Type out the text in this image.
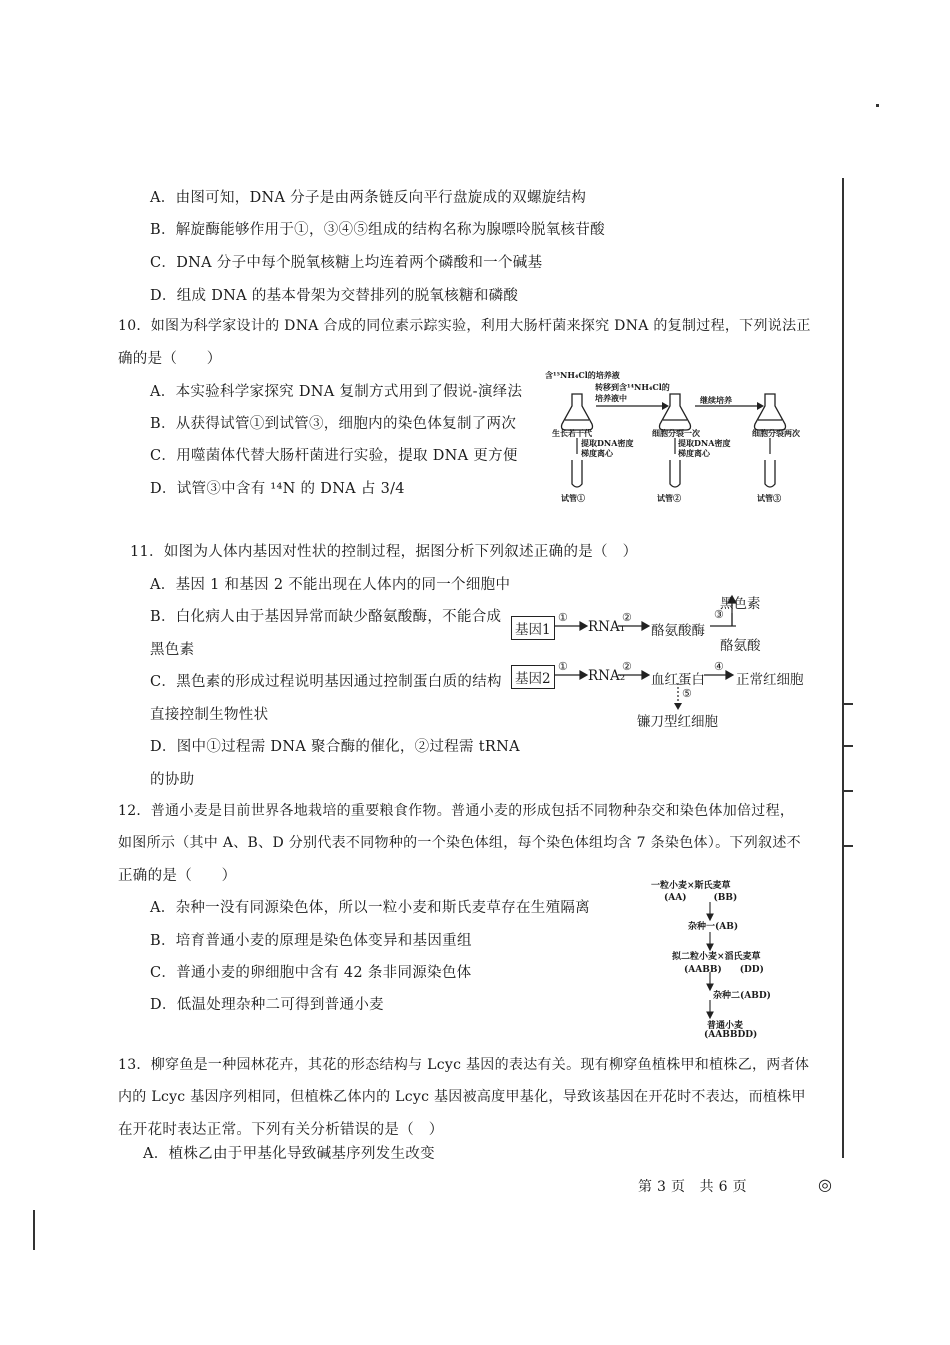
A．由图可知，DNA 分子是由两条链反向平行盘旋成的双螺旋结构
B．解旋酶能够作用于①，③④⑤组成的结构名称为腺嘌呤脱氧核苷酸
C．DNA 分子中每个脱氧核糖上均连着两个磷酸和一个碱基
D．组成 DNA 的基本骨架为交替排列的脱氧核糖和磷酸
10．如图为科学家设计的 DNA 合成的同位素示踪实验，利用大肠杆菌来探究 DNA 的复制过程，下列说法正
确的是（　　）
A．本实验科学家探究 DNA 复制方式用到了假说-演绎法
B．从获得试管①到试管③，细胞内的染色体复制了两次
C．用噬菌体代替大肠杆菌进行实验，提取 DNA 更方便
D．试管③中含有 ¹⁴N 的 DNA 占 3/4
含¹⁵NH₄Cl的培养液
转移到含¹⁴NH₄Cl的培养液中	继续培养
生长若干代	细胞分裂一次	细胞分裂两次
提取DNA密度梯度离心
提取DNA密度梯度离心
试管①	试管②	试管③
11．如图为人体内基因对性状的控制过程，据图分析下列叙述正确的是（　）
A．基因 1 和基因 2 不能出现在人体内的同一个细胞中
B．白化病人由于基因异常而缺少酪氨酸酶，不能合成
黑色素
C．黑色素的形成过程说明基因通过控制蛋白质的结构
直接控制生物性状
D．图中①过程需 DNA 聚合酶的催化，②过程需 tRNA
的协助
基因1
①
RNA₁
②
酪氨酸酶
③
黑色素
酪氨酸
基因2
①
RNA₂
②
血红蛋白
④
正常红细胞
⑤
镰刀型红细胞
12．普通小麦是目前世界各地栽培的重要粮食作物。普通小麦的形成包括不同物种杂交和染色体加倍过程，
如图所示（其中 A、B、D 分别代表不同物种的一个染色体组，每个染色体组均含 7 条染色体）。下列叙述不
正确的是（　　）
A．杂种一没有同源染色体，所以一粒小麦和斯氏麦草存在生殖隔离
B．培育普通小麦的原理是染色体变异和基因重组
C．普通小麦的卵细胞中含有 42 条非同源染色体
D．低温处理杂种二可得到普通小麦
一粒小麦×斯氏麦草
(AA)　　　(BB)
杂种一(AB)
拟二粒小麦×滔氏麦草
(AABB)　　(DD)
杂种二(ABD)
普通小麦
(AABBDD)
13．柳穿鱼是一种园林花卉，其花的形态结构与 Lcyc 基因的表达有关。现有柳穿鱼植株甲和植株乙，两者体
内的 Lcyc 基因序列相同，但植株乙体内的 Lcyc 基因被高度甲基化，导致该基因在开花时不表达，而植株甲
在开花时表达正常。下列有关分析错误的是（　）
A．植株乙由于甲基化导致碱基序列发生改变
第 3 页　共 6 页	◎
